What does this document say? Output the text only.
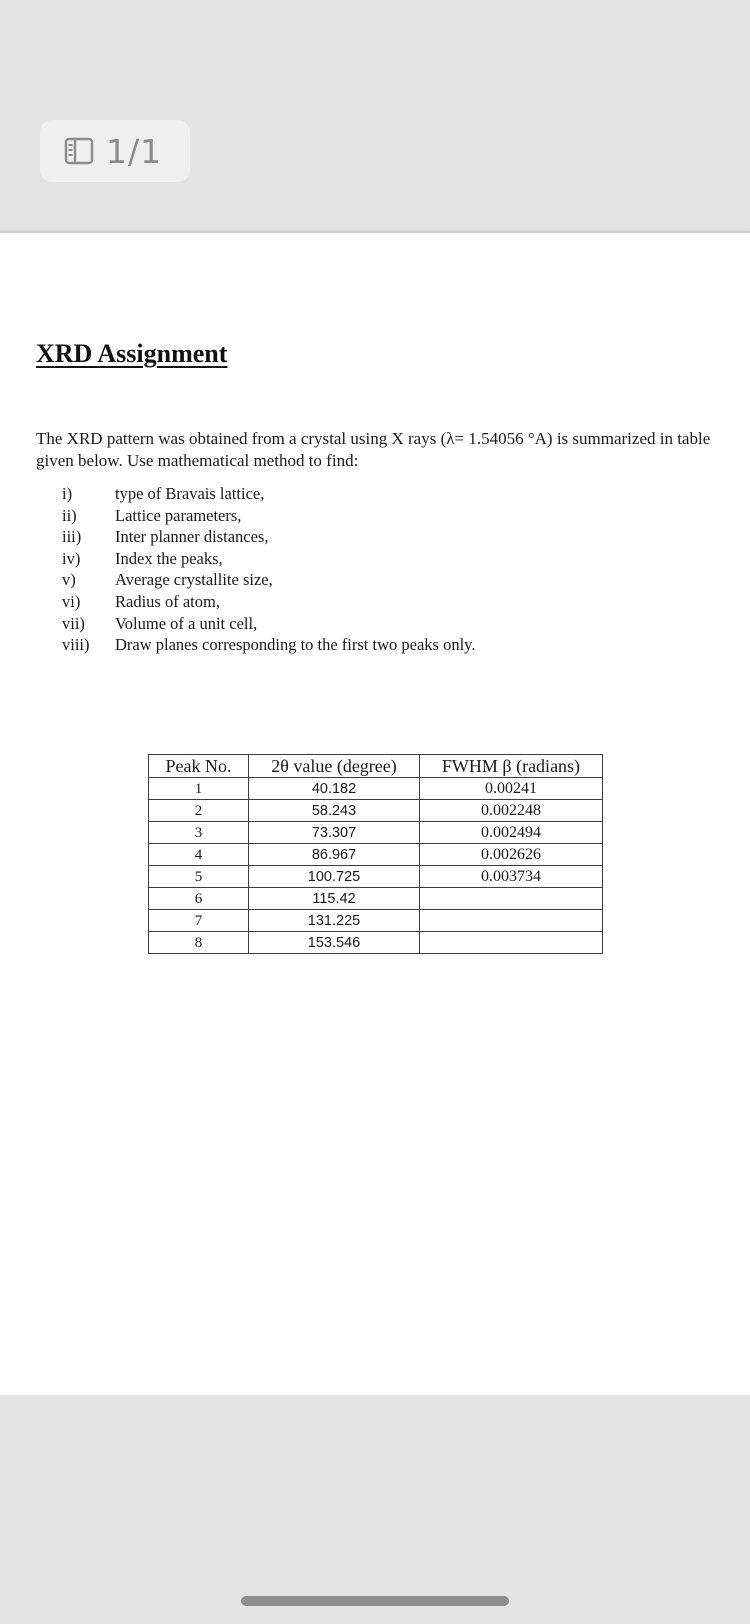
1/1
XRD Assignment
The XRD pattern was obtained from a crystal using X rays (λ= 1.54056 °A) is summarized in table given below. Use mathematical method to find:
i)	type of Bravais lattice,
ii)	Lattice parameters,
iii)	Inter planner distances,
iv)	Index the peaks,
v)	Average crystallite size,
vi)	Radius of atom,
vii)	Volume of a unit cell,
viii)	Draw planes corresponding to the first two peaks only.
Peak No.	2θ value (degree)	FWHM β (radians)
1	40.182	0.00241
2	58.243	0.002248
3	73.307	0.002494
4	86.967	0.002626
5	100.725	0.003734
6	115.42	
7	131.225	
8	153.546	
